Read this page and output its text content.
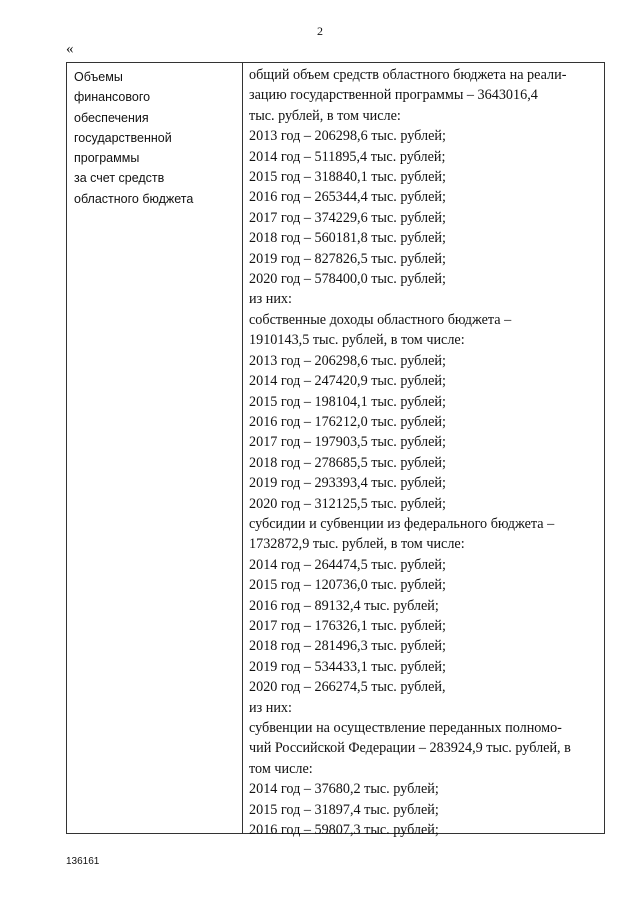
2
«
Объемы
финансового
обеспечения
государственной
программы
за счет средств
областного бюджета
общий объем средств областного бюджета на реали-
зацию государственной программы – 3643016,4
тыс. рублей, в том числе:
2013 год – 206298,6 тыс. рублей;
2014 год – 511895,4 тыс. рублей;
2015 год – 318840,1 тыс. рублей;
2016 год – 265344,4 тыс. рублей;
2017 год – 374229,6 тыс. рублей;
2018 год – 560181,8 тыс. рублей;
2019 год – 827826,5 тыс. рублей;
2020 год – 578400,0 тыс. рублей;
из них:
собственные доходы областного бюджета –
1910143,5 тыс. рублей, в том числе:
2013 год – 206298,6 тыс. рублей;
2014 год – 247420,9 тыс. рублей;
2015 год – 198104,1 тыс. рублей;
2016 год – 176212,0 тыс. рублей;
2017 год – 197903,5 тыс. рублей;
2018 год – 278685,5 тыс. рублей;
2019 год – 293393,4 тыс. рублей;
2020 год – 312125,5 тыс. рублей;
субсидии и субвенции из федерального бюджета –
1732872,9 тыс. рублей, в том числе:
2014 год – 264474,5 тыс. рублей;
2015 год – 120736,0 тыс. рублей;
2016 год – 89132,4 тыс. рублей;
2017 год – 176326,1 тыс. рублей;
2018 год – 281496,3 тыс. рублей;
2019 год – 534433,1 тыс. рублей;
2020 год – 266274,5 тыс. рублей,
из них:
субвенции на осуществление переданных полномо-
чий Российской Федерации – 283924,9 тыс. рублей, в
том числе:
2014 год – 37680,2 тыс. рублей;
2015 год – 31897,4 тыс. рублей;
2016 год – 59807,3 тыс. рублей;
136161
